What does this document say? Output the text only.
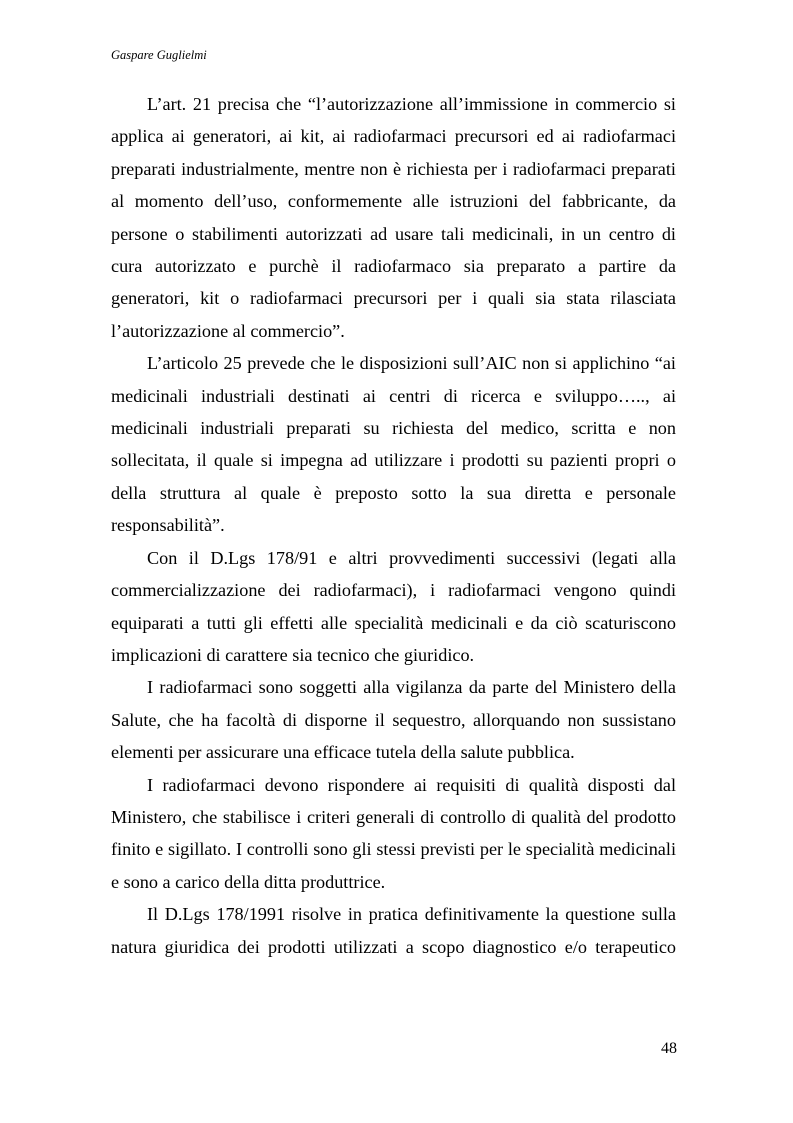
Gaspare Guglielmi

L’art. 21 precisa che “l’autorizzazione all’immissione in commercio si applica ai generatori, ai kit, ai radiofarmaci precursori ed ai radiofarmaci preparati industrialmente, mentre non è richiesta per i radiofarmaci preparati al momento dell’uso, conformemente alle istruzioni del fabbricante, da persone o stabilimenti autorizzati ad usare tali medicinali, in un centro di cura autorizzato e purchè il radiofarmaco sia preparato a partire da generatori, kit o radiofarmaci precursori per i quali sia stata rilasciata l’autorizzazione al commercio”.

L’articolo 25 prevede che le disposizioni sull’AIC non si applichino “ai medicinali industriali destinati ai centri di ricerca e sviluppo….., ai medicinali industriali preparati su richiesta del medico, scritta e non sollecitata, il quale si impegna ad utilizzare i prodotti su pazienti propri o della struttura al quale è preposto sotto la sua diretta e personale responsabilità”.

Con il D.Lgs 178/91 e altri provvedimenti successivi (legati alla commercializzazione dei radiofarmaci), i radiofarmaci vengono quindi equiparati a tutti gli effetti alle specialità medicinali e da ciò scaturiscono implicazioni di carattere sia tecnico che giuridico.

I radiofarmaci sono soggetti alla vigilanza da parte del Ministero della Salute, che ha facoltà di disporne il sequestro, allorquando non sussistano elementi per assicurare una efficace tutela della salute pubblica.

I radiofarmaci devono rispondere ai requisiti di qualità disposti dal Ministero, che stabilisce i criteri generali di controllo di qualità del prodotto finito e sigillato. I controlli sono gli stessi previsti per le specialità medicinali e sono a carico della ditta produttrice.

Il D.Lgs 178/1991 risolve in pratica definitivamente la questione sulla natura giuridica dei prodotti utilizzati a scopo diagnostico e/o terapeutico

48
